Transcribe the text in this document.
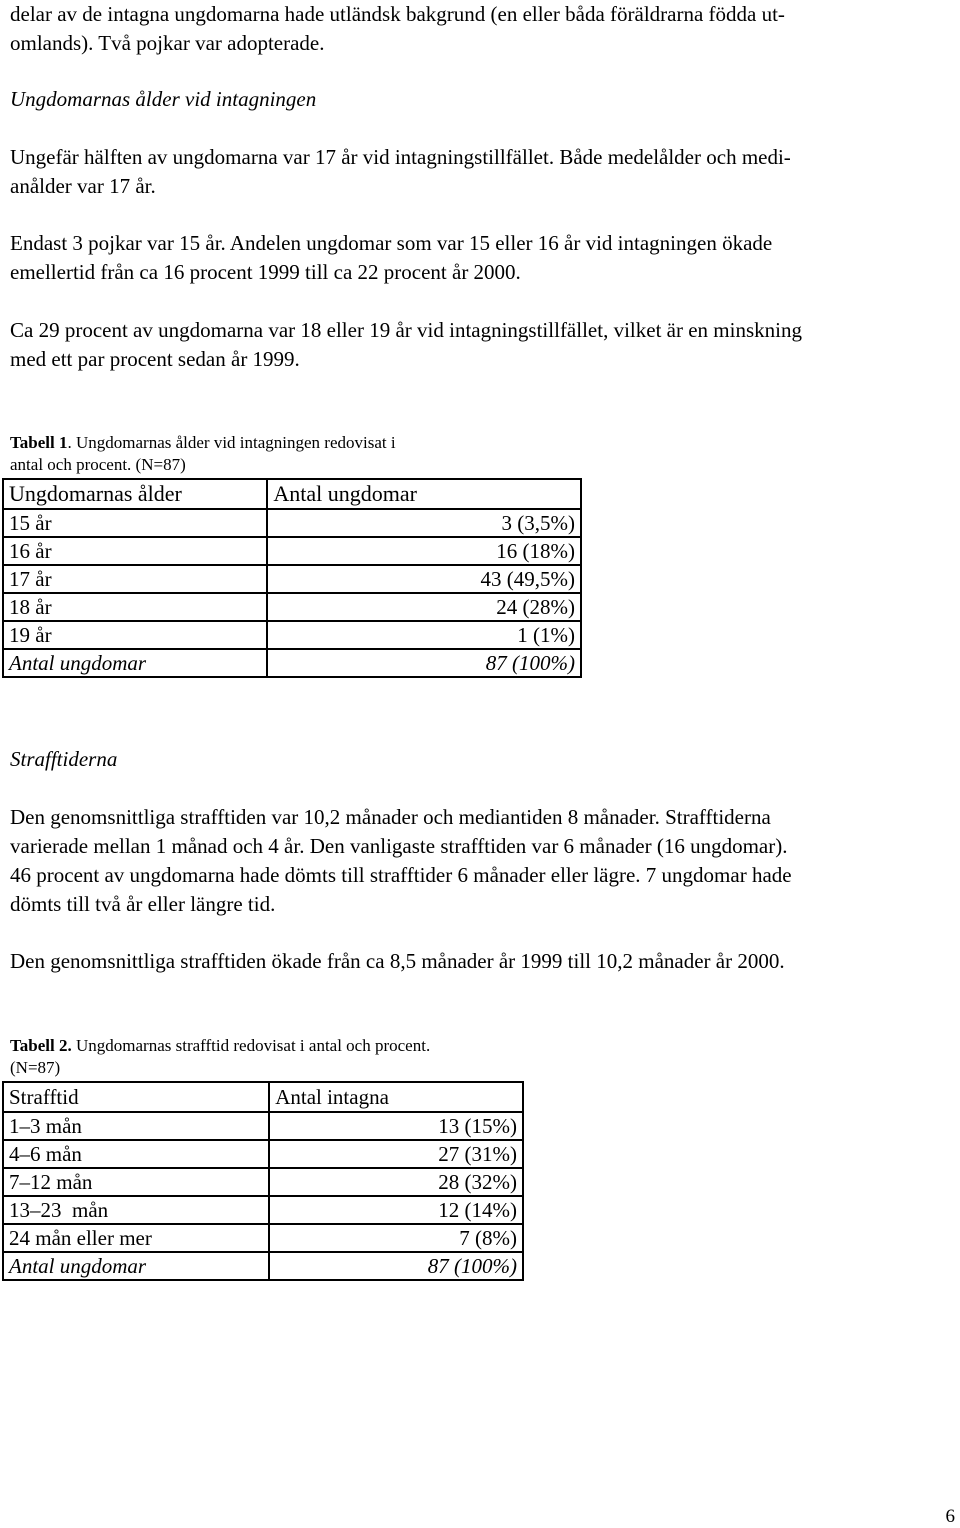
delar av de intagna ungdomarna hade utländsk bakgrund (en eller båda föräldrarna födda ut-

omlands). Två pojkar var adopterade.

Ungdomarnas ålder vid intagningen

Ungefär hälften av ungdomarna var 17 år vid intagningstillfället. Både medelålder och medi-

anålder var 17 år.

Endast 3 pojkar var 15 år. Andelen ungdomar som var 15 eller 16 år vid intagningen ökade

emellertid från ca 16 procent 1999 till ca 22 procent år 2000.

Ca 29 procent av ungdomarna var 18 eller 19 år vid intagningstillfället, vilket är en minskning

med ett par procent sedan år 1999.

Tabell 1. Ungdomarnas ålder vid intagningen redovisat i
antal och procent. (N=87)
Ungdomarnas ålder	Antal ungdomar
15 år	3 (3,5%)
16 år	16 (18%)
17 år	43 (49,5%)
18 år	24 (28%)
19 år	1 (1%)
Antal ungdomar	87 (100%)

Strafftiderna

Den genomsnittliga strafftiden var 10,2 månader och mediantiden 8 månader. Strafftiderna

varierade mellan 1 månad och 4 år. Den vanligaste strafftiden var 6 månader (16 ungdomar).

46 procent av ungdomarna hade dömts till strafftider 6 månader eller lägre. 7 ungdomar hade

dömts till två år eller längre tid.

Den genomsnittliga strafftiden ökade från ca 8,5 månader år 1999 till 10,2 månader år 2000.

Tabell 2. Ungdomarnas strafftid redovisat i antal och procent.
(N=87)
Strafftid	Antal intagna
1–3 mån	13 (15%)
4–6 mån	27 (31%)
7–12 mån	28 (32%)
13–23  mån	12 (14%)
24 mån eller mer	7 (8%)
Antal ungdomar	87 (100%)
6
